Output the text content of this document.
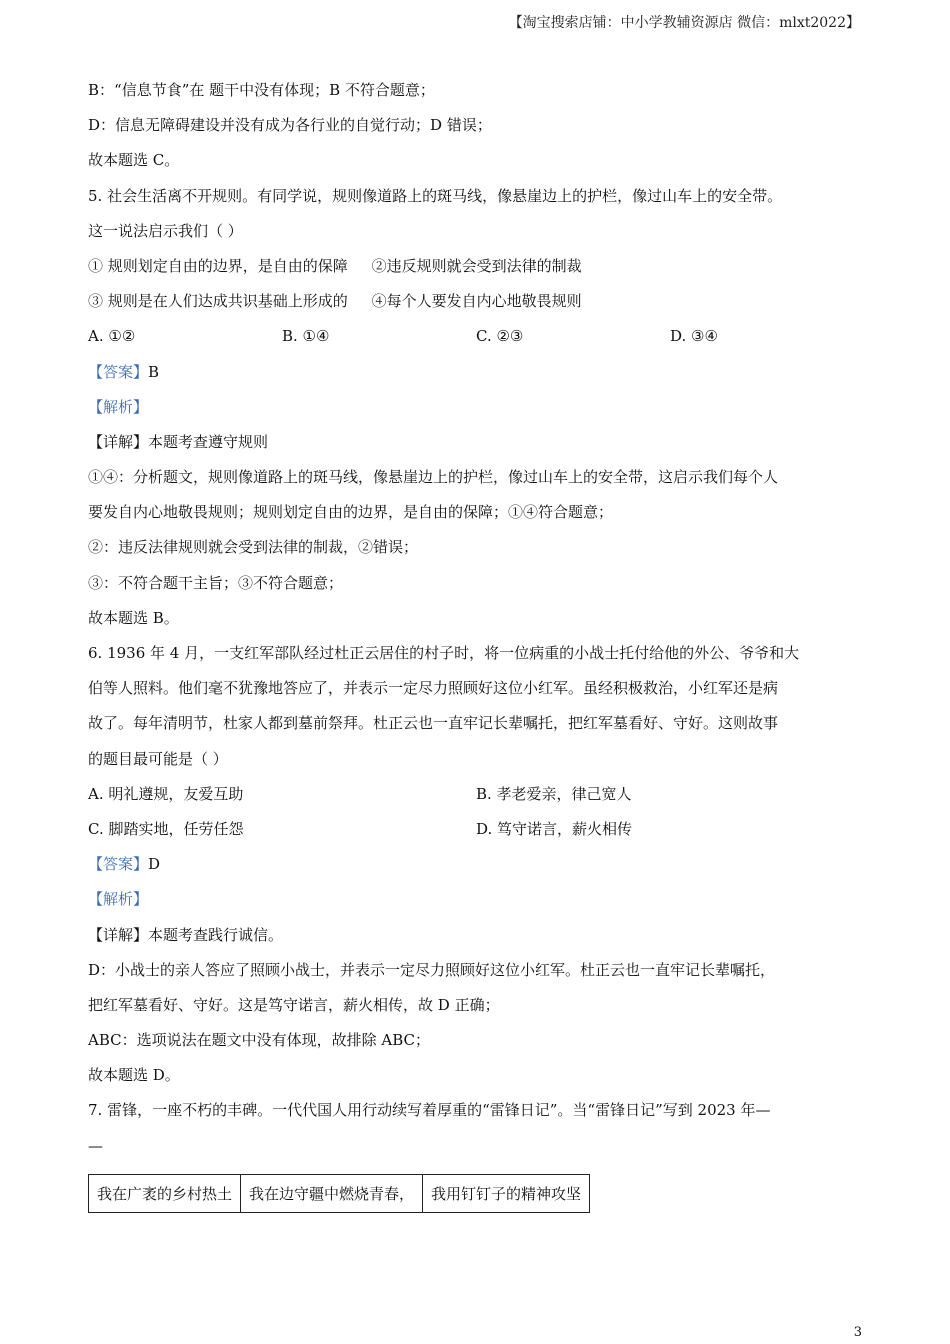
【淘宝搜索店铺：中小学教辅资源店 微信：mlxt2022】
B：“信息节食”在 题干中没有体现；B 不符合题意；
D：信息无障碍建设并没有成为各行业的自觉行动；D 错误；
故本题选 C。
5. 社会生活离不开规则。有同学说，规则像道路上的斑马线，像悬崖边上的护栏，像过山车上的安全带。
这一说法启示我们（ ）
① 规则划定自由的边界，是自由的保障     ②违反规则就会受到法律的制裁
③ 规则是在人们达成共识基础上形成的     ④每个人要发自内心地敬畏规则
A. ①②	B. ①④	C. ②③	D. ③④
【答案】B
【解析】
【详解】本题考查遵守规则
①④：分析题文，规则像道路上的斑马线，像悬崖边上的护栏，像过山车上的安全带，这启示我们每个人
要发自内心地敬畏规则；规则划定自由的边界，是自由的保障；①④符合题意；
②：违反法律规则就会受到法律的制裁，②错误；
③：不符合题干主旨；③不符合题意；
故本题选 B。
6. 1936 年 4 月，一支红军部队经过杜正云居住的村子时，将一位病重的小战士托付给他的外公、爷爷和大
伯等人照料。他们毫不犹豫地答应了，并表示一定尽力照顾好这位小红军。虽经积极救治，小红军还是病
故了。每年清明节，杜家人都到墓前祭拜。杜正云也一直牢记长辈嘱托，把红军墓看好、守好。这则故事
的题目最可能是（ ）
A. 明礼遵规，友爱互助	B. 孝老爱亲，律己宽人
C. 脚踏实地，任劳任怨	D. 笃守诺言，薪火相传
【答案】D
【解析】
【详解】本题考查践行诚信。
D：小战士的亲人答应了照顾小战士，并表示一定尽力照顾好这位小红军。杜正云也一直牢记长辈嘱托，
把红军墓看好、守好。这是笃守诺言，薪火相传，故 D 正确；
ABC：选项说法在题文中没有体现，故排除 ABC；
故本题选 D。
7. 雷锋，一座不朽的丰碑。一代代国人用行动续写着厚重的“雷锋日记”。当“雷锋日记”写到 2023 年—
—
我在广袤的乡村热土	我在边守疆中燃烧青春，	我用钉钉子的精神攻坚
3
